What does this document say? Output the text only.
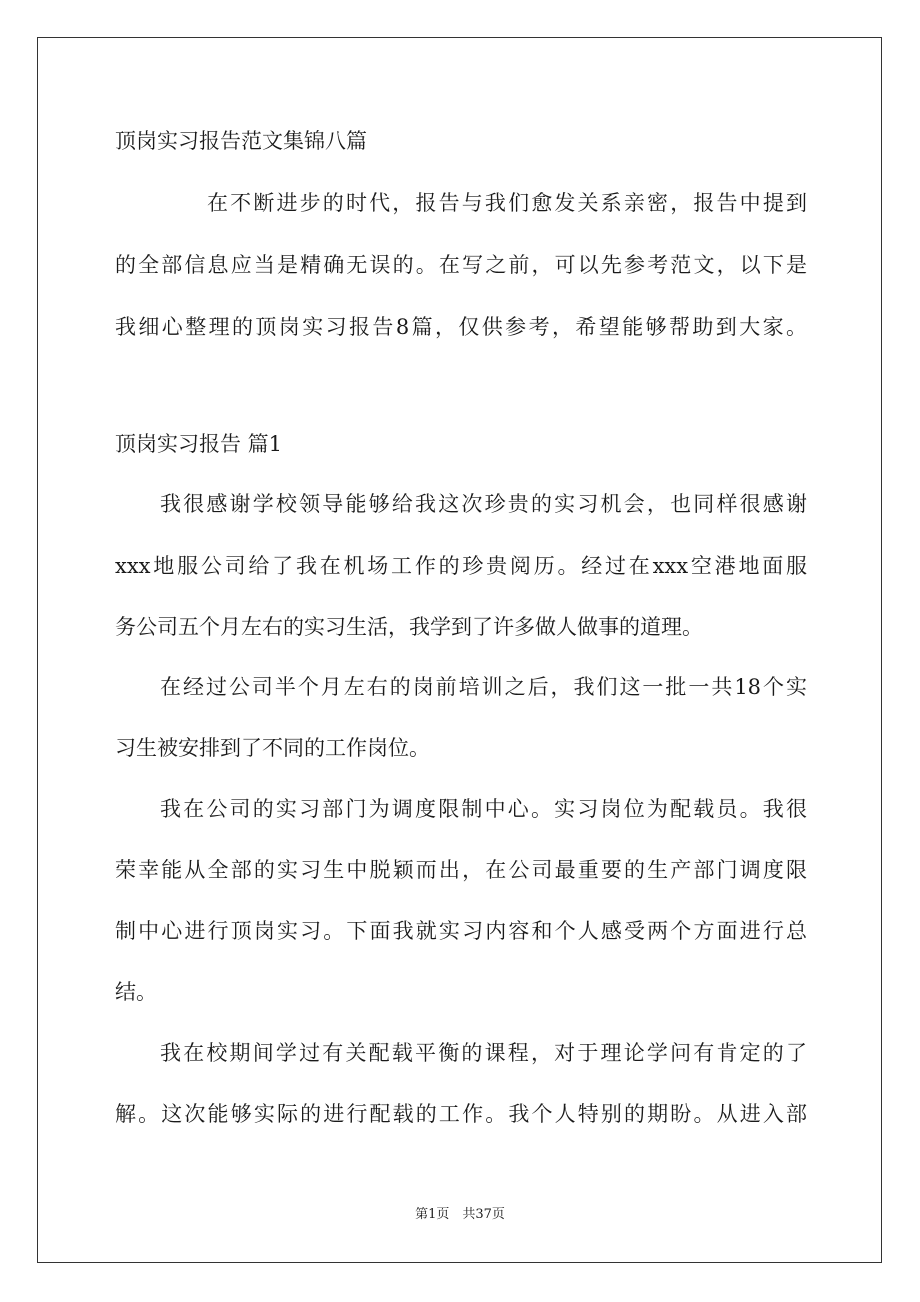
顶岗实习报告范文集锦八篇
在不断进步的时代，报告与我们愈发关系亲密，报告中提到
的全部信息应当是精确无误的。在写之前，可以先参考范文，以下是
我细心整理的顶岗实习报告8篇，仅供参考，希望能够帮助到大家。
顶岗实习报告 篇1
我很感谢学校领导能够给我这次珍贵的实习机会，也同样很感谢
xxx地服公司给了我在机场工作的珍贵阅历。经过在xxx空港地面服
务公司五个月左右的实习生活，我学到了许多做人做事的道理。
在经过公司半个月左右的岗前培训之后，我们这一批一共18个实
习生被安排到了不同的工作岗位。
我在公司的实习部门为调度限制中心。实习岗位为配载员。我很
荣幸能从全部的实习生中脱颖而出，在公司最重要的生产部门调度限
制中心进行顶岗实习。下面我就实习内容和个人感受两个方面进行总
结。
我在校期间学过有关配载平衡的课程，对于理论学问有肯定的了
解。这次能够实际的进行配载的工作。我个人特别的期盼。从进入部
第1页　共37页
